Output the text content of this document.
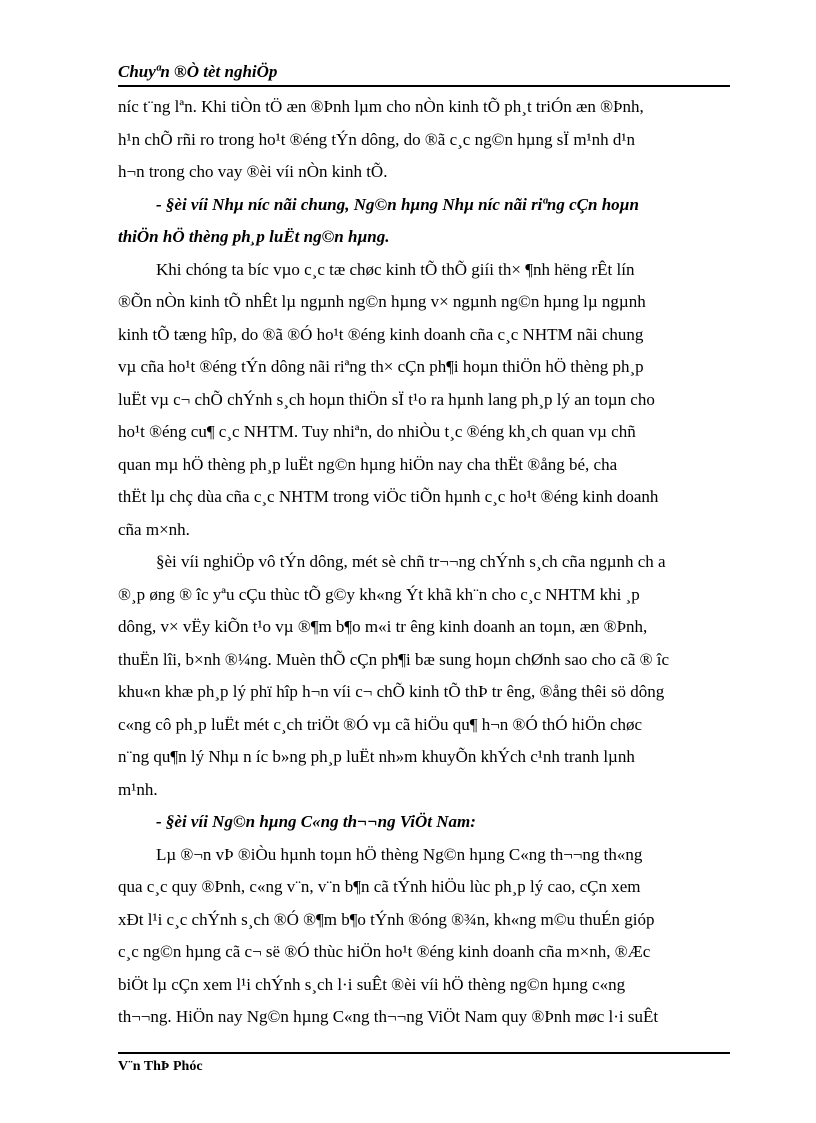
Chuyªn ®Ò tèt nghiÖp
níc t¨ng lªn. Khi tiÒn tÖ æn ®Þnh lµm cho nÒn kinh tÕ ph¸t triÓn æn ®Þnh,
h¹n chÕ rñi ro trong ho¹t ®éng tÝn dông, do ®ã c¸c ng©n hµng sÏ m¹nh d¹n
h¬n trong cho vay ®èi víi nÒn kinh tÕ.
- §èi víi Nhµ níc nãi chung, Ng©n hµng Nhµ níc nãi riªng cÇn hoµn
thiÖn hÖ thèng ph¸p luËt ng©n hµng.
Khi chóng ta bíc vµo c¸c tæ chøc kinh tÕ thÕ giíi th× ¶nh hëng rÊt lín
®Õn nÒn kinh tÕ nhÊt lµ ngµnh ng©n hµng v× ngµnh ng©n hµng lµ ngµnh
kinh tÕ tæng hîp, do ®ã ®Ó ho¹t ®éng kinh doanh cña c¸c NHTM nãi chung
vµ cña ho¹t ®éng tÝn dông nãi riªng th× cÇn ph¶i hoµn thiÖn hÖ thèng ph¸p
luËt vµ c¬ chÕ chÝnh s¸ch hoµn thiÖn sÏ t¹o ra hµnh lang ph¸p lý an toµn cho
ho¹t ®éng cu¶ c¸c NHTM. Tuy nhiªn, do nhiÒu t¸c ®éng kh¸ch quan vµ chñ
quan mµ hÖ thèng ph¸p luËt ng©n hµng hiÖn nay cha thËt ®ång bé, cha
thËt lµ chç dùa cña c¸c NHTM trong viÖc tiÕn hµnh c¸c ho¹t ®éng kinh doanh
cña m×nh.
§èi víi nghiÖp vô tÝn dông, mét sè chñ tr¬¬ng chÝnh s¸ch cña ngµnh ch a
®¸p øng ® îc yªu cÇu thùc tÕ g©y kh«ng Ýt khã kh¨n cho c¸c NHTM khi ¸p
dông, v× vËy kiÕn t¹o vµ ®¶m b¶o m«i tr êng kinh doanh an toµn, æn ®Þnh,
thuËn lîi, b×nh ®¼ng. Muèn thÕ cÇn ph¶i bæ sung hoµn chØnh sao cho cã ® îc
khu«n khæ ph¸p lý phï hîp h¬n víi c¬ chÕ kinh tÕ thÞ tr êng, ®ång thêi sö dông
c«ng cô ph¸p luËt mét c¸ch triÖt ®Ó vµ cã hiÖu qu¶ h¬n ®Ó thÓ hiÖn chøc
n¨ng qu¶n lý Nhµ n íc b»ng ph¸p luËt nh»m khuyÕn khÝch c¹nh tranh lµnh
m¹nh.
- §èi víi Ng©n hµng C«ng th¬¬ng ViÖt Nam:
Lµ ®¬n vÞ ®iÒu hµnh toµn hÖ thèng Ng©n hµng C«ng th¬¬ng th«ng
qua c¸c quy ®Þnh, c«ng v¨n, v¨n b¶n cã tÝnh hiÖu lùc ph¸p lý cao, cÇn xem
xÐt l¹i c¸c chÝnh s¸ch ®Ó ®¶m b¶o tÝnh ®óng ®¾n, kh«ng m©u thuÉn gióp
c¸c ng©n hµng cã c¬ së ®Ó thùc hiÖn ho¹t ®éng kinh doanh cña m×nh, ®Æc
biÖt lµ cÇn xem l¹i chÝnh s¸ch l·i suÊt ®èi víi hÖ thèng ng©n hµng c«ng
th¬¬ng. HiÖn nay Ng©n hµng C«ng th¬¬ng ViÖt Nam quy ®Þnh møc l·i suÊt
V¨n ThÞ Phóc
